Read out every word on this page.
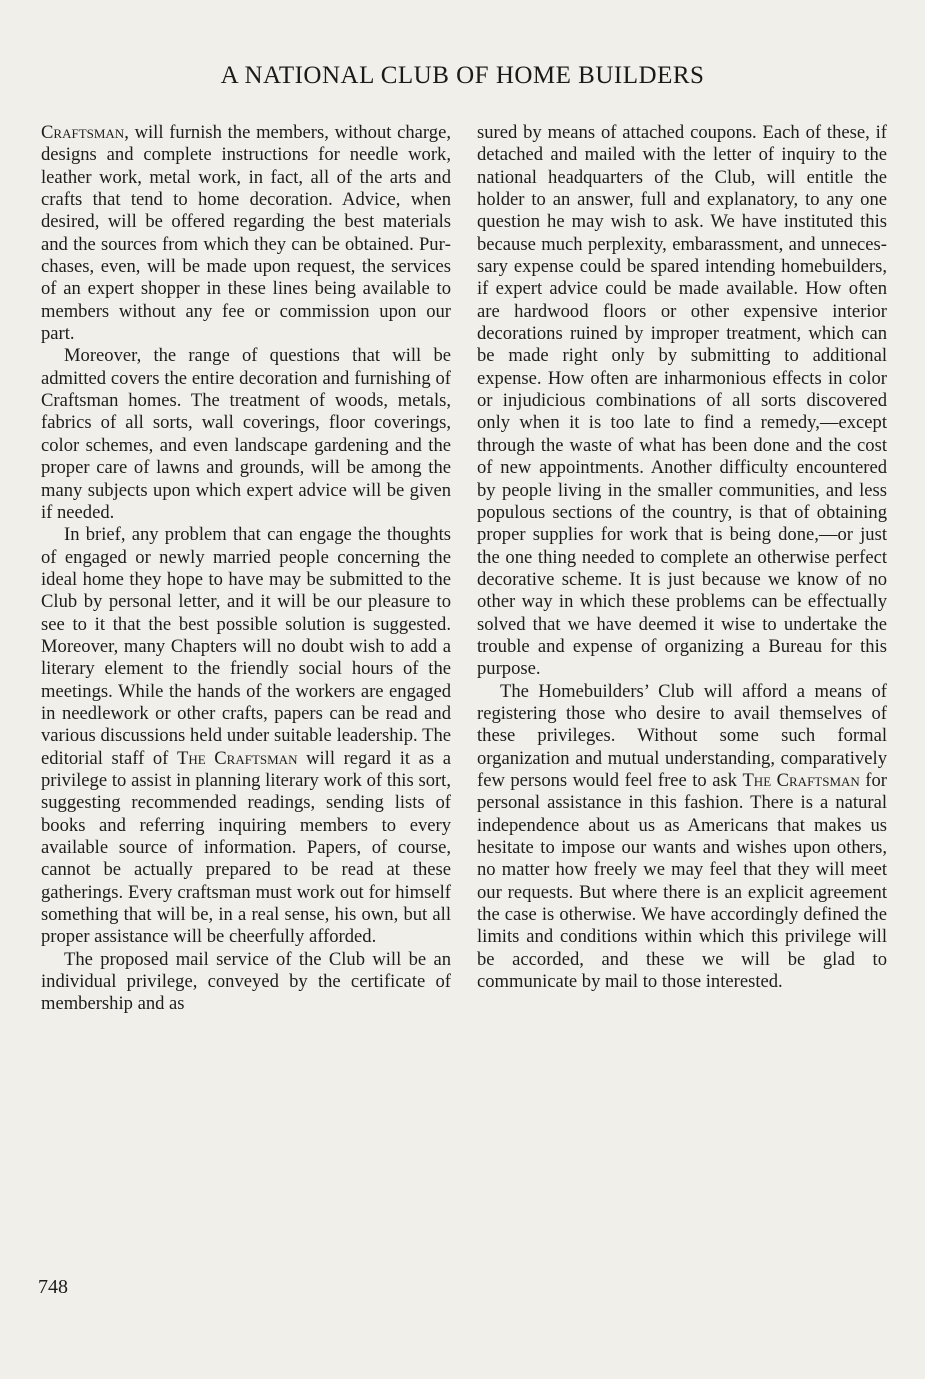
A NATIONAL CLUB OF HOME BUILDERS

Craftsman, will furnish the members, without charge, designs and complete instructions for needle work, leather work, metal work, in fact, all of the arts and crafts that tend to home decoration. Advice, when desired, will be offered regarding the best materials and the sources from which they can be obtained. Purchases, even, will be made upon request, the services of an expert shopper in these lines being available to members without any fee or commission upon our part.

Moreover, the range of questions that will be admitted covers the entire decoration and furnishing of Craftsman homes. The treatment of woods, metals, fabrics of all sorts, wall coverings, floor coverings, color schemes, and even landscape gardening and the proper care of lawns and grounds, will be among the many subjects upon which expert advice will be given if needed.

In brief, any problem that can engage the thoughts of engaged or newly married people concerning the ideal home they hope to have may be submitted to the Club by personal letter, and it will be our pleasure to see to it that the best possible solution is suggested. Moreover, many Chapters will no doubt wish to add a literary element to the friendly social hours of the meetings. While the hands of the workers are engaged in needlework or other crafts, papers can be read and various discussions held under suitable leadership. The editorial staff of The Craftsman will regard it as a privilege to assist in planning literary work of this sort, suggesting recommended readings, sending lists of books and referring inquiring members to every available source of information. Papers, of course, cannot be actually prepared to be read at these gatherings. Every craftsman must work out for himself something that will be, in a real sense, his own, but all proper assistance will be cheerfully afforded.

The proposed mail service of the Club will be an individual privilege, conveyed by the certificate of membership and as

sured by means of attached coupons. Each of these, if detached and mailed with the letter of inquiry to the national headquarters of the Club, will entitle the holder to an answer, full and explanatory, to any one question he may wish to ask. We have instituted this because much perplexity, embarassment, and unnecessary expense could be spared intending homebuilders, if expert advice could be made available. How often are hardwood floors or other expensive interior decorations ruined by improper treatment, which can be made right only by submitting to additional expense. How often are inharmonious effects in color or injudicious combinations of all sorts discovered only when it is too late to find a remedy,—except through the waste of what has been done and the cost of new appointments. Another difficulty encountered by people living in the smaller communities, and less populous sections of the country, is that of obtaining proper supplies for work that is being done,—or just the one thing needed to complete an otherwise perfect decorative scheme. It is just because we know of no other way in which these problems can be effectually solved that we have deemed it wise to undertake the trouble and expense of organizing a Bureau for this purpose.

The Homebuilders’ Club will afford a means of registering those who desire to avail themselves of these privileges. Without some such formal organization and mutual understanding, comparatively few persons would feel free to ask The Craftsman for personal assistance in this fashion. There is a natural independence about us as Americans that makes us hesitate to impose our wants and wishes upon others, no matter how freely we may feel that they will meet our requests. But where there is an explicit agreement the case is otherwise. We have accordingly defined the limits and conditions within which this privilege will be accorded, and these we will be glad to communicate by mail to those interested.

748
